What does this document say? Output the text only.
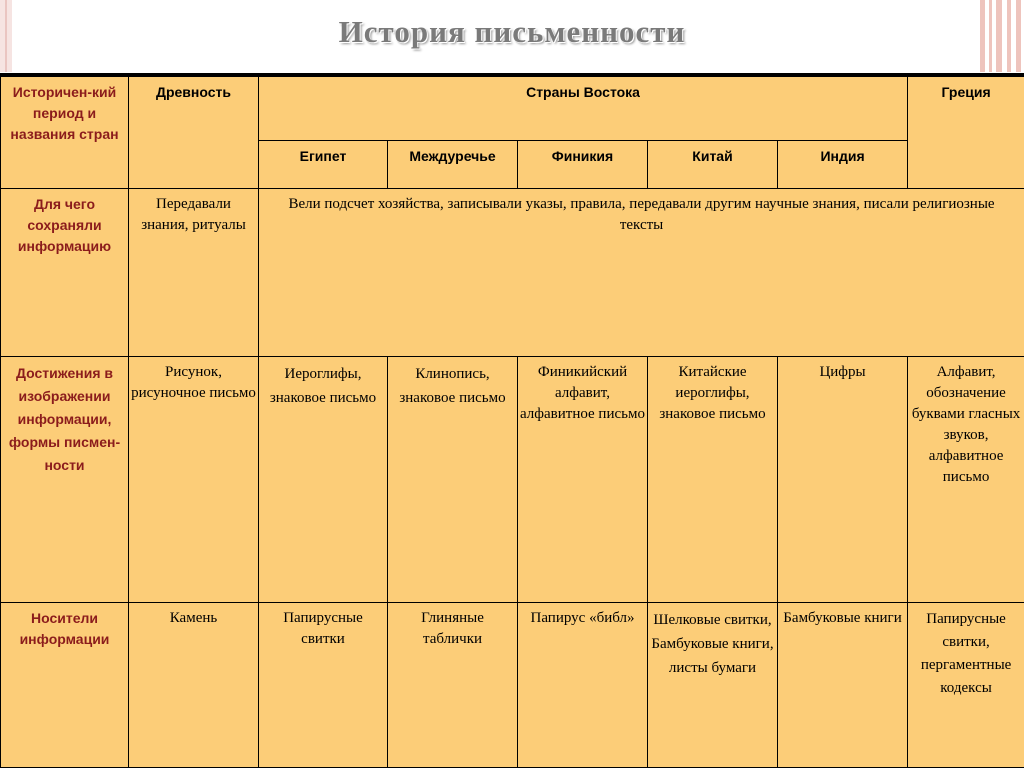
История письменности
Историчен-кий период и названия стран	Древность	Страны Востока					Греция
		Египет	Междуречье	Финикия	Китай	Индия	
Для чего сохраняли информацию	Передавали знания, ритуалы	Вели подсчет хозяйства, записывали указы, правила, передавали другим научные знания, писали религиозные тексты					
Достижения в изображении информации, формы писмен-ности	Рисунок, рисуночное письмо	Иероглифы, знаковое письмо	Клинопись, знаковое письмо	Финикийский алфавит, алфавитное письмо	Китайские иероглифы, знаковое письмо	Цифры	Алфавит, обозначение буквами гласных звуков, алфавитное письмо
Носители информации	Камень	Папирусные свитки	Глиняные таблички	Папирус «библ»	Шелковые свитки, Бамбуковые книги, листы бумаги	Бамбуковые книги	Папирусные свитки, пергаментные кодексы
